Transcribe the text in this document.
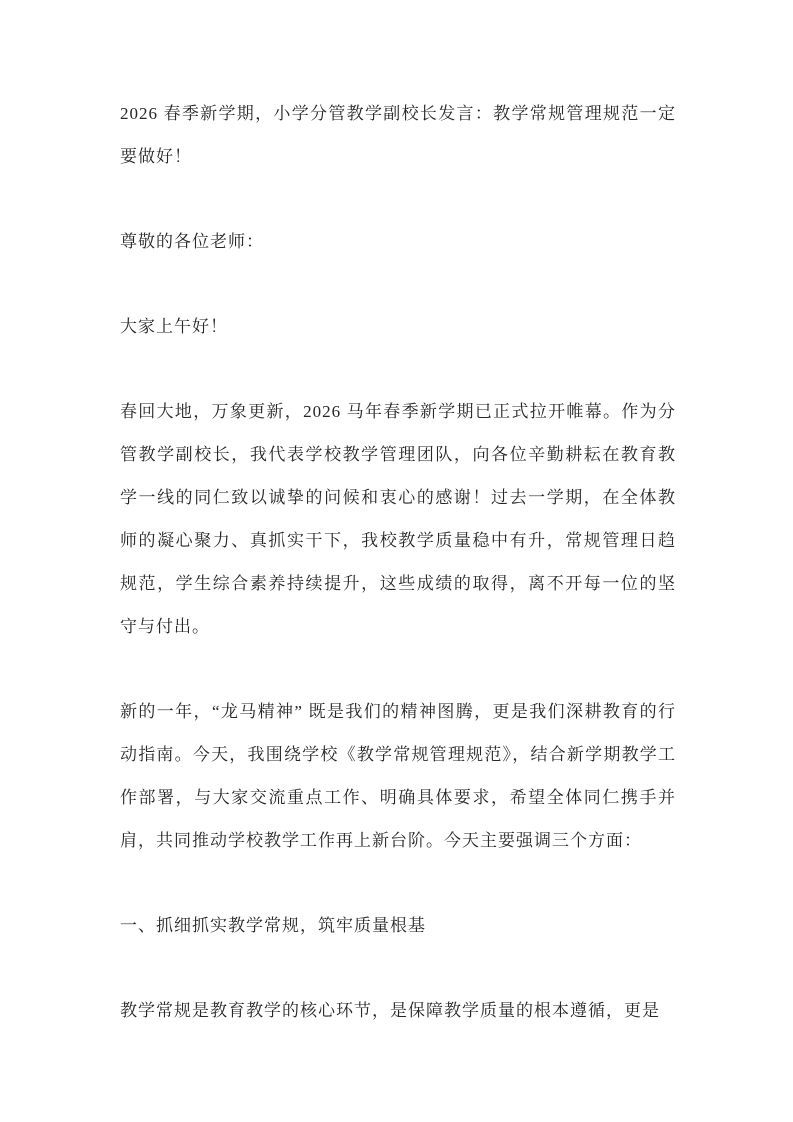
2026 春季新学期，小学分管教学副校长发言：教学常规管理规范一定要做好！

尊敬的各位老师：

大家上午好！

春回大地，万象更新，2026 马年春季新学期已正式拉开帷幕。作为分管教学副校长，我代表学校教学管理团队，向各位辛勤耕耘在教育教学一线的同仁致以诚挚的问候和衷心的感谢！过去一学期，在全体教师的凝心聚力、真抓实干下，我校教学质量稳中有升，常规管理日趋规范，学生综合素养持续提升，这些成绩的取得，离不开每一位的坚守与付出。

新的一年，“龙马精神” 既是我们的精神图腾，更是我们深耕教育的行动指南。今天，我围绕学校《教学常规管理规范》，结合新学期教学工作部署，与大家交流重点工作、明确具体要求，希望全体同仁携手并肩，共同推动学校教学工作再上新台阶。今天主要强调三个方面：

一、抓细抓实教学常规，筑牢质量根基

教学常规是教育教学的核心环节，是保障教学质量的根本遵循，更是
